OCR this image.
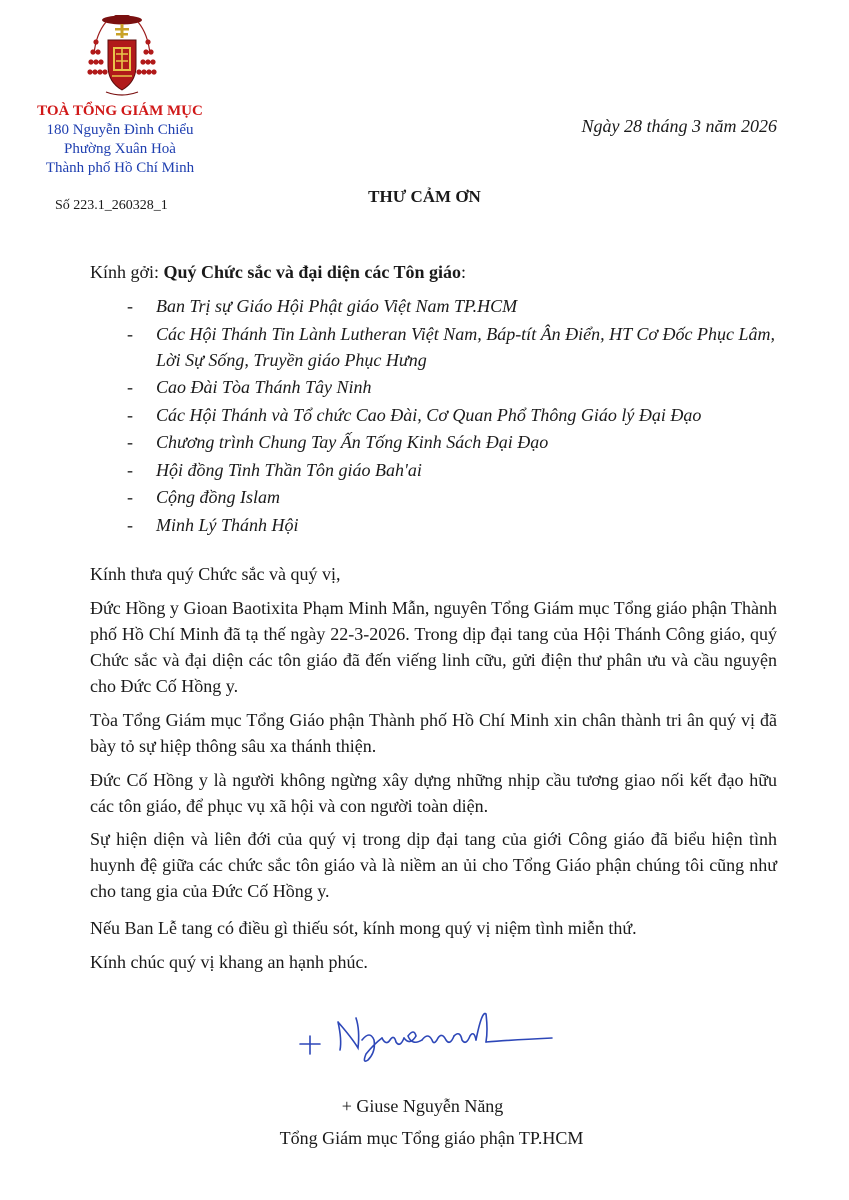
TOÀ TỔNG GIÁM MỤC
180 Nguyễn Đình Chiểu
Phường Xuân Hoà
Thành phố Hồ Chí Minh
Số 223.1_260328_1
Ngày 28 tháng 3 năm 2026
THƯ CẢM ƠN
Kính gởi: Quý Chức sắc và đại diện các Tôn giáo:
- Ban Trị sự Giáo Hội Phật giáo Việt Nam TP.HCM
- Các Hội Thánh Tin Lành Lutheran Việt Nam, Báp-tít Ân Điển, HT Cơ Đốc Phục Lâm, Lời Sự Sống, Truyền giáo Phục Hưng
- Cao Đài Tòa Thánh Tây Ninh
- Các Hội Thánh và Tổ chức Cao Đài, Cơ Quan Phổ Thông Giáo lý Đại Đạo
- Chương trình Chung Tay Ấn Tống Kinh Sách Đại Đạo
- Hội đồng Tinh Thần Tôn giáo Bah'ai
- Cộng đồng Islam
- Minh Lý Thánh Hội
Kính thưa quý Chức sắc và quý vị,
Đức Hồng y Gioan Baotixita Phạm Minh Mẫn, nguyên Tổng Giám mục Tổng giáo phận Thành phố Hồ Chí Minh đã tạ thế ngày 22-3-2026. Trong dịp đại tang của Hội Thánh Công giáo, quý Chức sắc và đại diện các tôn giáo đã đến viếng linh cữu, gửi điện thư phân ưu và cầu nguyện cho Đức Cố Hồng y.
Tòa Tổng Giám mục Tổng Giáo phận Thành phố Hồ Chí Minh xin chân thành tri ân quý vị đã bày tỏ sự hiệp thông sâu xa thánh thiện.
Đức Cố Hồng y là người không ngừng xây dựng những nhịp cầu tương giao nối kết đạo hữu các tôn giáo, để phục vụ xã hội và con người toàn diện.
Sự hiện diện và liên đới của quý vị trong dịp đại tang của giới Công giáo đã biểu hiện tình huynh đệ giữa các chức sắc tôn giáo và là niềm an ủi cho Tổng Giáo phận chúng tôi cũng như cho tang gia của Đức Cố Hồng y.
Nếu Ban Lễ tang có điều gì thiếu sót, kính mong quý vị niệm tình miễn thứ.
Kính chúc quý vị khang an hạnh phúc.
+ Giuse Nguyễn Năng
Tổng Giám mục Tổng giáo phận TP.HCM
